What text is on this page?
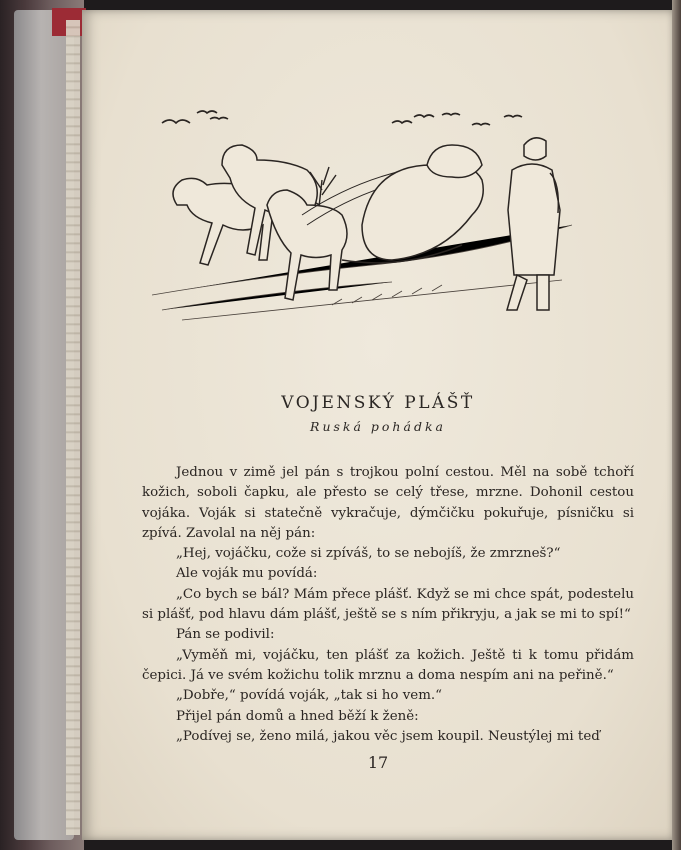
VOJENSKÝ PLÁŠŤ
Ruská pohádka

Jednou v zimě jel pán s trojkou polní cestou. Měl na sobě tchoří kožich, soboli čapku, ale přesto se celý třese, mrzne. Dohonil cestou vojáka. Voják si statečně vykračuje, dýmčičku pokuřuje, písničku si zpívá. Zavolal na něj pán:

„Hej, vojáčku, cože si zpíváš, to se nebojíš, že zmrzneš?“

Ale voják mu povídá:

„Co bych se bál? Mám přece plášť. Když se mi chce spát, podestelu si plášť, pod hlavu dám plášť, ještě se s ním přikryju, a jak se mi to spí!“

Pán se podivil:

„Vyměň mi, vojáčku, ten plášť za kožich. Ještě ti k tomu přidám čepici. Já ve svém kožichu tolik mrznu a doma nespím ani na peřině.“

„Dobře,“ povídá voják, „tak si ho vem.“

Přijel pán domů a hned běží k ženě:

„Podívej se, ženo milá, jakou věc jsem koupil. Neustýlej mi teď

17
